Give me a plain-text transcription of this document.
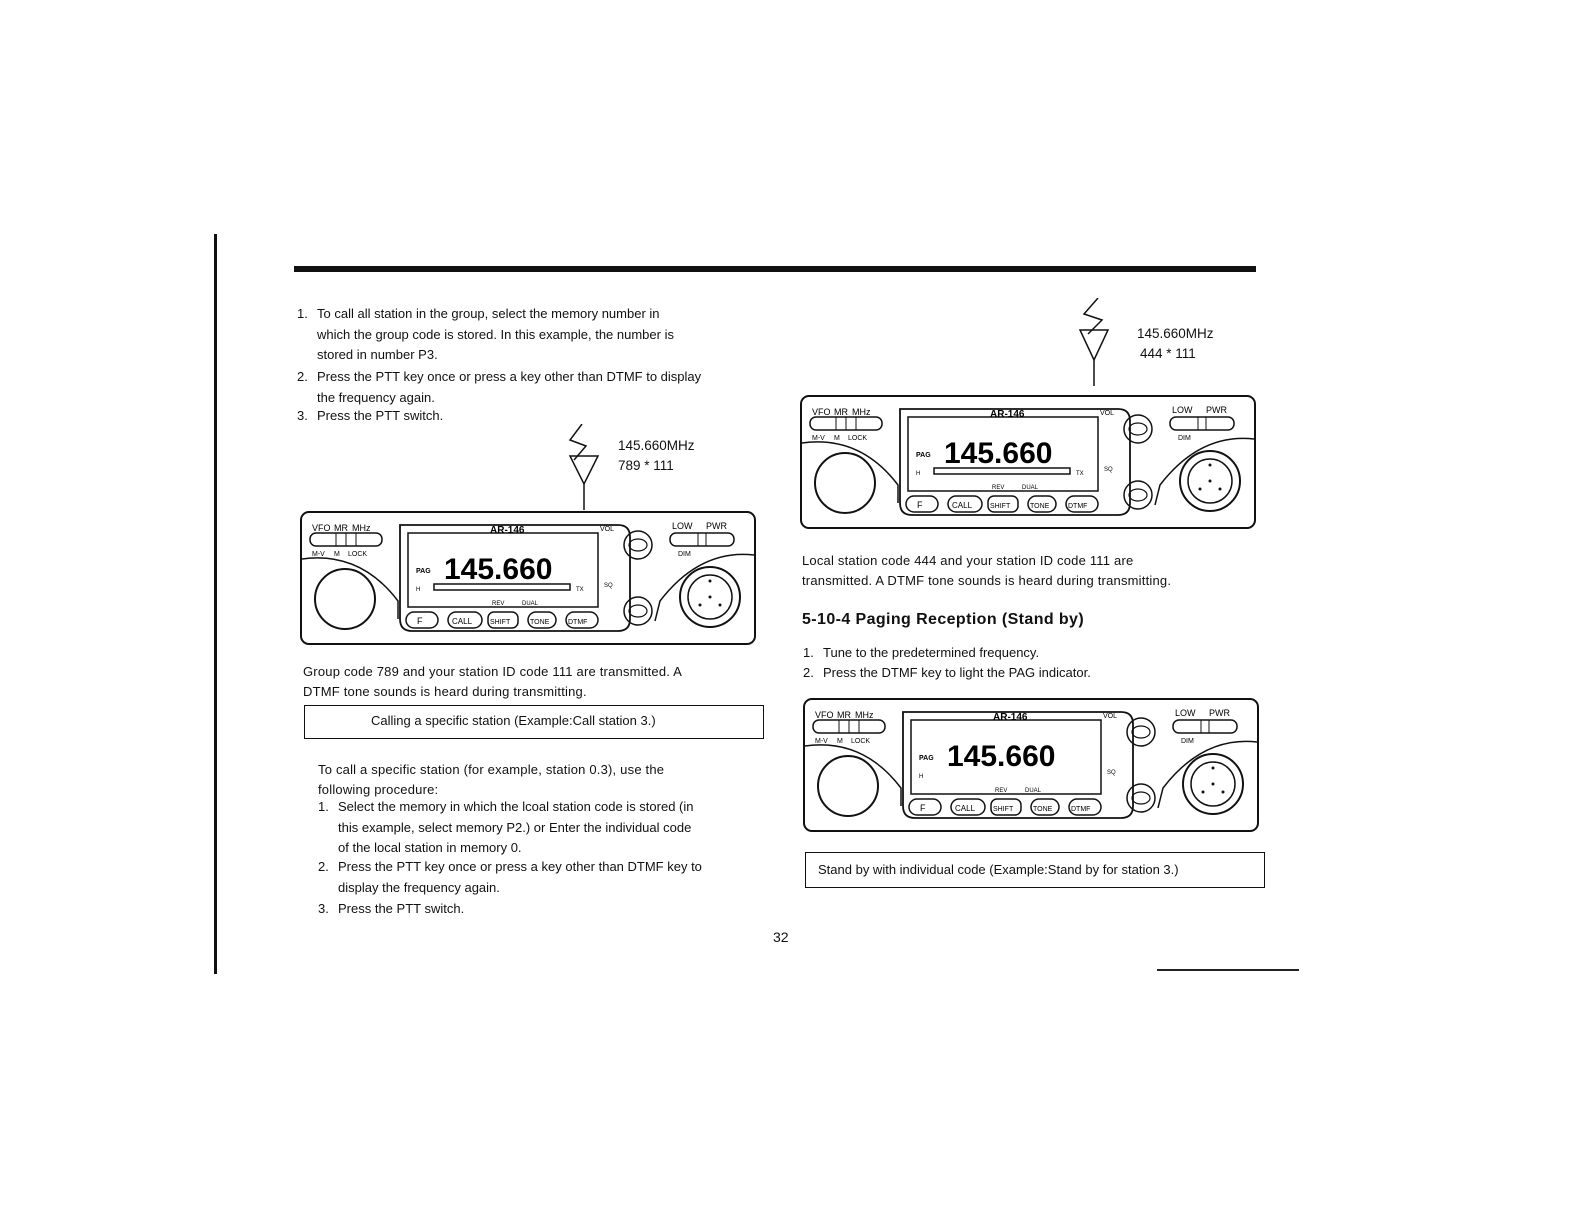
1. To call all station in the group, select the memory number in
which the group code is stored. In this example, the number is
stored in number P3.
2. Press the PTT key once or press a key other than DTMF to display
the frequency again.
3. Press the PTT switch.
145.660MHz
789 * 111
VFO MR MHz
M-V M LOCK
AR-146	VOL	LOW PWR
DIM
PAG 145.660
H	TX
SQ
REV	DUAL
F	CALL	SHIFT	TONE	DTMF
Group code 789 and your station ID code 111 are transmitted. A
DTMF tone sounds is heard during transmitting.
Calling a specific station (Example:Call station 3.)
To call a specific station (for example, station 0.3), use the
following procedure:
1. Select the memory in which the lcoal station code is stored (in
this example, select memory P2.) or Enter the individual code
of the local station in memory 0.
2. Press the PTT key once or press a key other than DTMF key to
display the frequency again.
3. Press the PTT switch.
145.660MHz
444 * 111
VFO MR MHz
M-V M LOCK
AR-146	VOL	LOW PWR
DIM
PAG 145.660
H	TX
SQ
REV	DUAL
F	CALL	SHIFT	TONE	DTMF
Local station code 444 and your station ID code 111 are
transmitted. A DTMF tone sounds is heard during transmitting.
5-10-4 Paging Reception (Stand by)
1. Tune to the predetermined frequency.
2. Press the DTMF key to light the PAG indicator.
VFO MR MHz
M-V M LOCK
AR-146	VOL	LOW PWR
DIM
PAG 145.660
H
SQ
REV	DUAL
F	CALL	SHIFT	TONE	DTMF
Stand by with individual code (Example:Stand by for station 3.)
32
